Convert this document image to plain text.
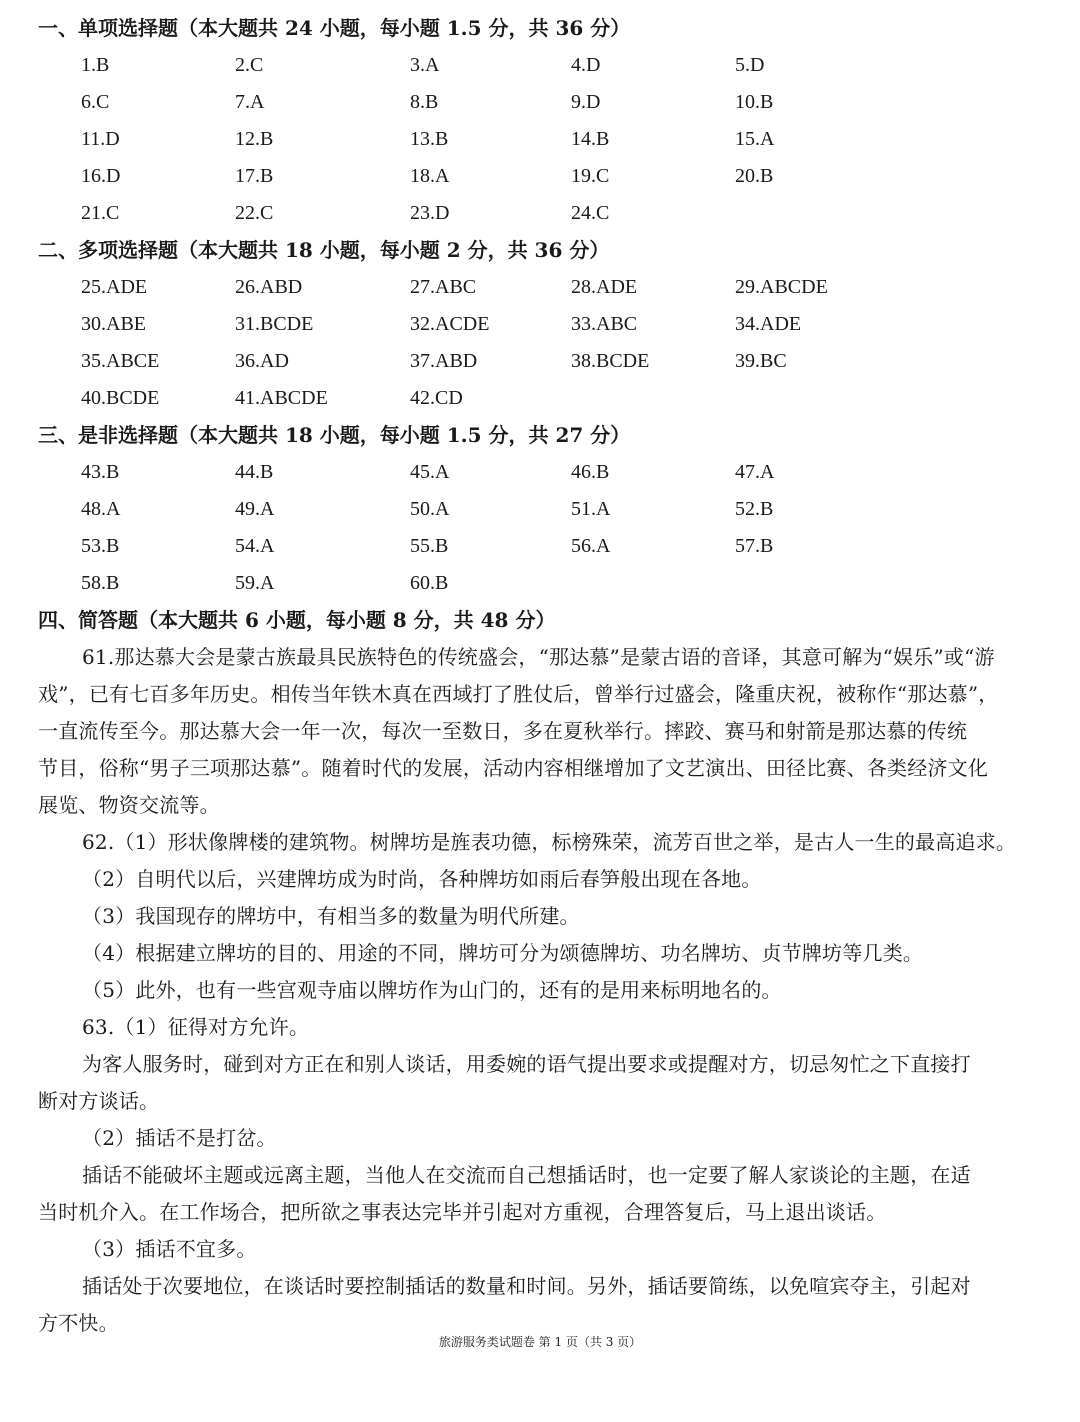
一、单项选择题（本大题共 24 小题，每小题 1.5 分，共 36 分）
1.B	2.C	3.A	4.D	5.D
6.C	7.A	8.B	9.D	10.B
11.D	12.B	13.B	14.B	15.A
16.D	17.B	18.A	19.C	20.B
21.C	22.C	23.D	24.C
二、多项选择题（本大题共 18 小题，每小题 2 分，共 36 分）
25.ADE	26.ABD	27.ABC	28.ADE	29.ABCDE
30.ABE	31.BCDE	32.ACDE	33.ABC	34.ADE
35.ABCE	36.AD	37.ABD	38.BCDE	39.BC
40.BCDE	41.ABCDE	42.CD
三、是非选择题（本大题共 18 小题，每小题 1.5 分，共 27 分）
43.B	44.B	45.A	46.B	47.A
48.A	49.A	50.A	51.A	52.B
53.B	54.A	55.B	56.A	57.B
58.B	59.A	60.B
四、简答题（本大题共 6 小题，每小题 8 分，共 48 分）
61.那达慕大会是蒙古族最具民族特色的传统盛会，“那达慕”是蒙古语的音译，其意可解为“娱乐”或“游
戏”，已有七百多年历史。相传当年铁木真在西域打了胜仗后，曾举行过盛会，隆重庆祝，被称作“那达慕”，
一直流传至今。那达慕大会一年一次，每次一至数日，多在夏秋举行。摔跤、赛马和射箭是那达慕的传统
节目，俗称“男子三项那达慕”。随着时代的发展，活动内容相继增加了文艺演出、田径比赛、各类经济文化
展览、物资交流等。
62.（1）形状像牌楼的建筑物。树牌坊是旌表功德，标榜殊荣，流芳百世之举，是古人一生的最高追求。
（2）自明代以后，兴建牌坊成为时尚，各种牌坊如雨后春笋般出现在各地。
（3）我国现存的牌坊中，有相当多的数量为明代所建。
（4）根据建立牌坊的目的、用途的不同，牌坊可分为颂德牌坊、功名牌坊、贞节牌坊等几类。
（5）此外，也有一些宫观寺庙以牌坊作为山门的，还有的是用来标明地名的。
63.（1）征得对方允许。
为客人服务时，碰到对方正在和别人谈话，用委婉的语气提出要求或提醒对方，切忌匆忙之下直接打
断对方谈话。
（2）插话不是打岔。
插话不能破坏主题或远离主题，当他人在交流而自己想插话时，也一定要了解人家谈论的主题，在适
当时机介入。在工作场合，把所欲之事表达完毕并引起对方重视，合理答复后，马上退出谈话。
（3）插话不宜多。
插话处于次要地位，在谈话时要控制插话的数量和时间。另外，插话要简练，以免喧宾夺主，引起对
方不快。
旅游服务类试题卷 第 1 页（共 3 页）
